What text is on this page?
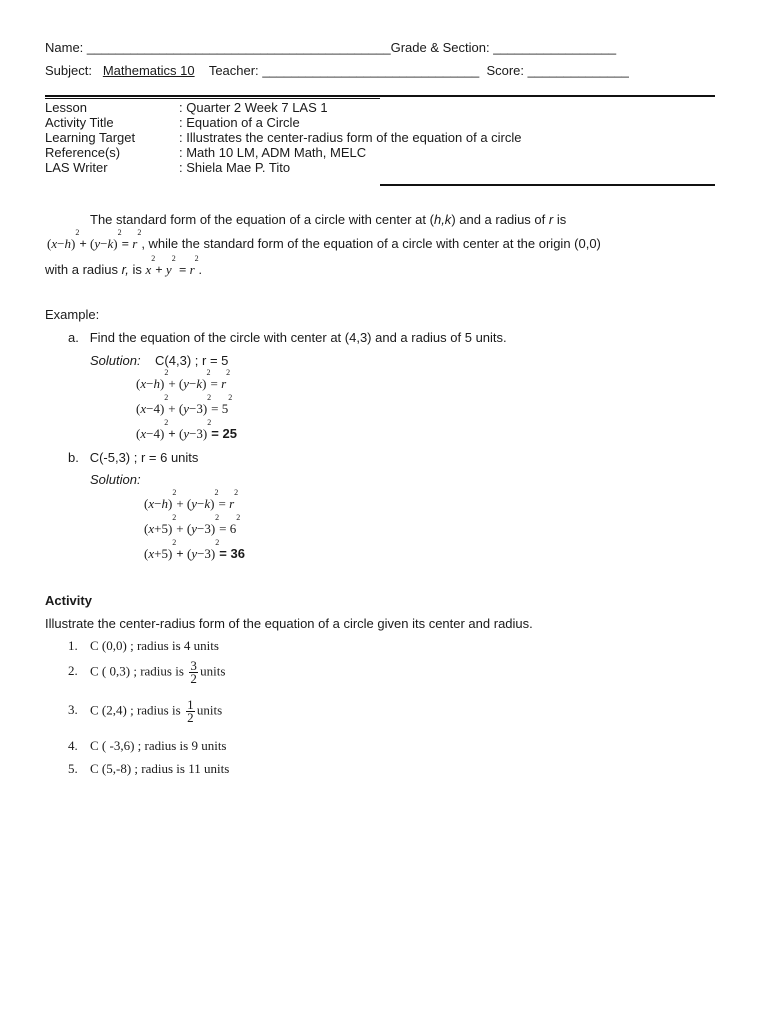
Name: __________________________________________Grade & Section: _________________
Subject: Mathematics 10 Teacher: ______________________________ Score: ______________
Lesson	: Quarter 2 Week 7 LAS 1
Activity Title	: Equation of a Circle
Learning Target	: Illustrates the center-radius form of the equation of a circle
Reference(s)	: Math 10 LM, ADM Math, MELC
LAS Writer	: Shiela Mae P. Tito
The standard form of the equation of a circle with center at (h,k) and a radius of r is
$(x-h)^2+ (y-k)^2= r^2$, while the standard form of the equation of a circle with center at the origin (0,0)
with a radius r, is $x^2+ y^2 = r^2$.
Example:
a. Find the equation of the circle with center at (4,3) and a radius of 5 units.
Solution: C(4,3) ; r = 5
$(x-h)^2+ (y-k)^2= r^2$
$(x-4)^2+ (y-3)^2= 5^2$
$(x-4)^2+ (y-3)^2= 25$
b. C(-5,3) ; r = 6 units
Solution:
$(x-h)^2+ (y-k)^2= r^2$
$(x+5)^2+ (y-3)^2= 6^2$
$(x+5)^2+ (y-3)^2= 36$
Activity
Illustrate the center-radius form of the equation of a circle given its center and radius.
1. C (0,0) ; radius is 4 units
2. C ( 0,3) ; radius is $\frac{3}{2}$ units
3. C (2,4) ; radius is $\frac{1}{2}$ units
4. C ( -3,6) ; radius is 9 units
5. C (5,-8) ; radius is 11 units
